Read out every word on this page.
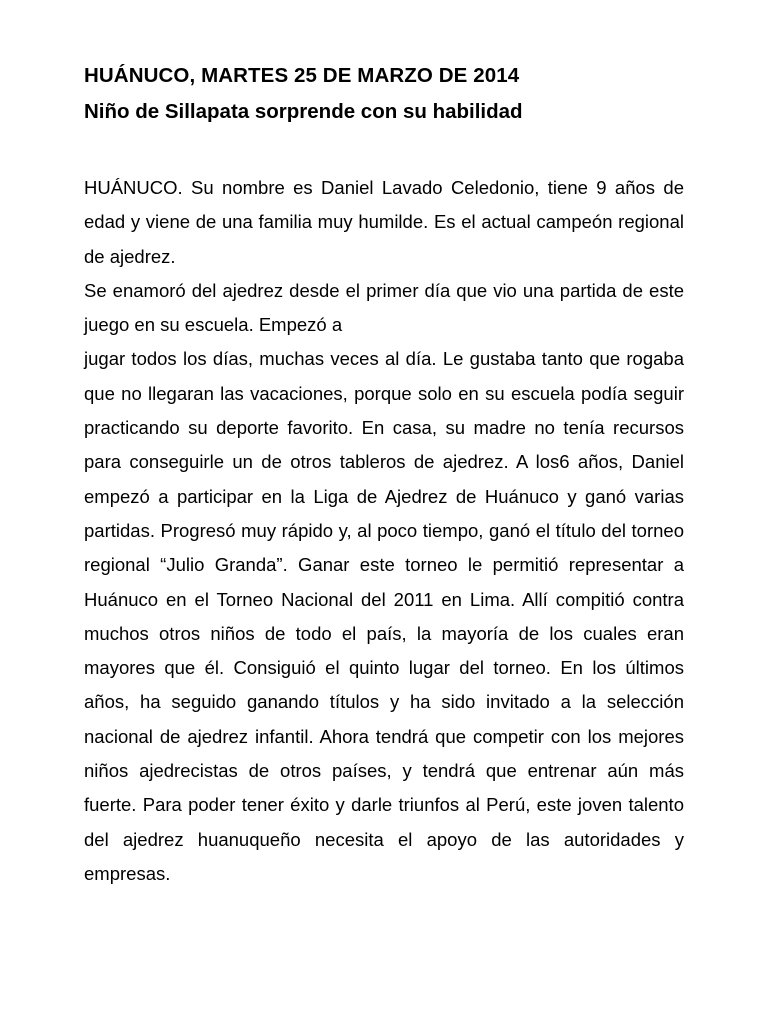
HUÁNUCO, MARTES 25 DE MARZO DE 2014
Niño de Sillapata sorprende con su habilidad

HUÁNUCO. Su nombre es Daniel Lavado Celedonio, tiene 9 años de edad y viene de una familia muy humilde. Es el actual campeón regional de ajedrez.

Se enamoró del ajedrez desde el primer día que vio una partida de este juego en su escuela. Empezó a

jugar todos los días, muchas veces al día. Le gustaba tanto que rogaba que no llegaran las vacaciones, porque solo en su escuela podía seguir practicando su deporte favorito. En casa, su madre no tenía recursos para conseguirle un de otros tableros de ajedrez. A los6 años, Daniel empezó a participar en la Liga de Ajedrez de Huánuco y ganó varias partidas. Progresó muy rápido y, al poco tiempo, ganó el título del torneo regional “Julio Granda”. Ganar este torneo le permitió representar a Huánuco en el Torneo Nacional del 2011 en Lima. Allí compitió contra muchos otros niños de todo el país, la mayoría de los cuales eran mayores que él. Consiguió el quinto lugar del torneo. En los últimos años, ha seguido ganando títulos y ha sido invitado a la selección nacional de ajedrez infantil. Ahora tendrá que competir con los mejores niños ajedrecistas de otros países, y tendrá que entrenar aún más fuerte. Para poder tener éxito y darle triunfos al Perú, este joven talento del ajedrez huanuqueño necesita el apoyo de las autoridades y empresas.
